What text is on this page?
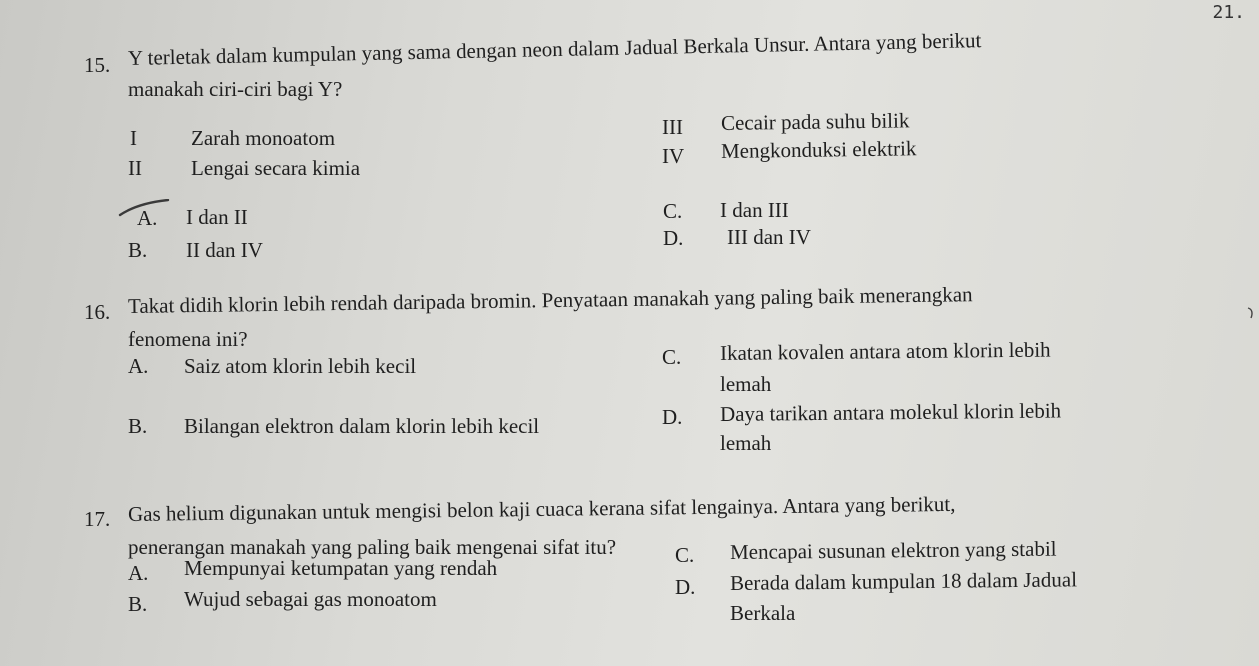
21.
15. Y terletak dalam kumpulan yang sama dengan neon dalam Jadual Berkala Unsur. Antara yang berikut
manakah ciri-ciri bagi Y?
I	Zarah monoatom
II Lengai secara kimia
III Cecair pada suhu bilik
IV Mengkonduksi elektrik
A. I dan II
B. II dan IV
C. I dan III
D. III dan IV
16. Takat didih klorin lebih rendah daripada bromin. Penyataan manakah yang paling baik menerangkan
fenomena ini?
A. Saiz atom klorin lebih kecil
B. Bilangan elektron dalam klorin lebih kecil
C. Ikatan kovalen antara atom klorin lebih
lemah
D. Daya tarikan antara molekul klorin lebih
lemah
17. Gas helium digunakan untuk mengisi belon kaji cuaca kerana sifat lengainya. Antara yang berikut,
penerangan manakah yang paling baik mengenai sifat itu?
A. Mempunyai ketumpatan yang rendah
B. Wujud sebagai gas monoatom
C. Mencapai susunan elektron yang stabil
D. Berada dalam kumpulan 18 dalam Jadual
Berkala
